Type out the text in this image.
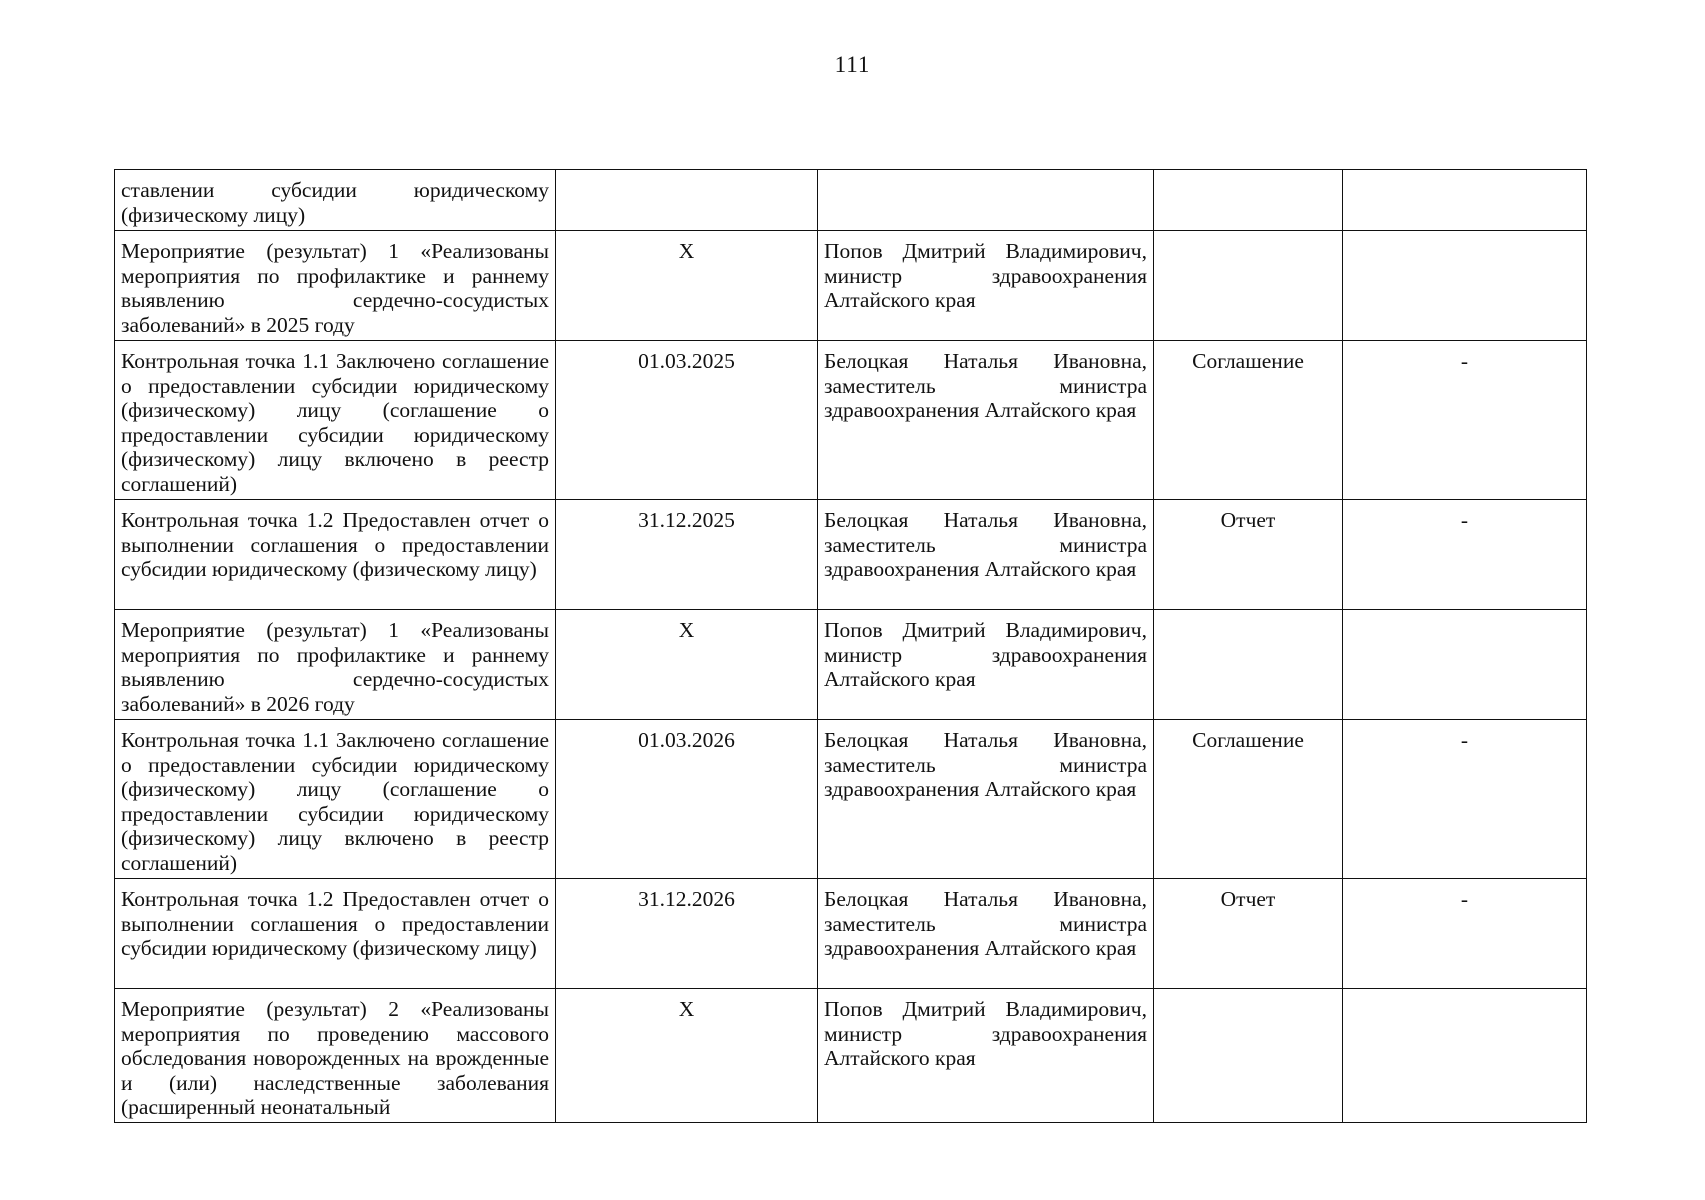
111
ставлении субсидии юридическому (физическому лицу)				
Мероприятие (результат) 1 «Реализованы мероприятия по профилактике и раннему выявлению сердечно-сосудистых заболеваний» в 2025 году	X	Попов Дмитрий Владимирович, министр здравоохранения Алтайского края		
Контрольная точка 1.1 Заключено соглашение о предоставлении субсидии юридическому (физическому) лицу (соглашение о предоставлении субсидии юридическому (физическому) лицу включено в реестр соглашений)	01.03.2025	Белоцкая Наталья Ивановна, заместитель министра здравоохранения Алтайского края	Соглашение	-
Контрольная точка 1.2 Предоставлен отчет о выполнении соглашения о предоставлении субсидии юридическому (физическому лицу)	31.12.2025	Белоцкая Наталья Ивановна, заместитель министра здравоохранения Алтайского края	Отчет	-
Мероприятие (результат) 1 «Реализованы мероприятия по профилактике и раннему выявлению сердечно-сосудистых заболеваний» в 2026 году	X	Попов Дмитрий Владимирович, министр здравоохранения Алтайского края		
Контрольная точка 1.1 Заключено соглашение о предоставлении субсидии юридическому (физическому) лицу (соглашение о предоставлении субсидии юридическому (физическому) лицу включено в реестр соглашений)	01.03.2026	Белоцкая Наталья Ивановна, заместитель министра здравоохранения Алтайского края	Соглашение	-
Контрольная точка 1.2 Предоставлен отчет о выполнении соглашения о предоставлении субсидии юридическому (физическому лицу)	31.12.2026	Белоцкая Наталья Ивановна, заместитель министра здравоохранения Алтайского края	Отчет	-
Мероприятие (результат) 2 «Реализованы мероприятия по проведению массового обследования новорожденных на врожденные и (или) наследственные заболевания (расширенный неонатальный	X	Попов Дмитрий Владимирович, министр здравоохранения Алтайского края		
